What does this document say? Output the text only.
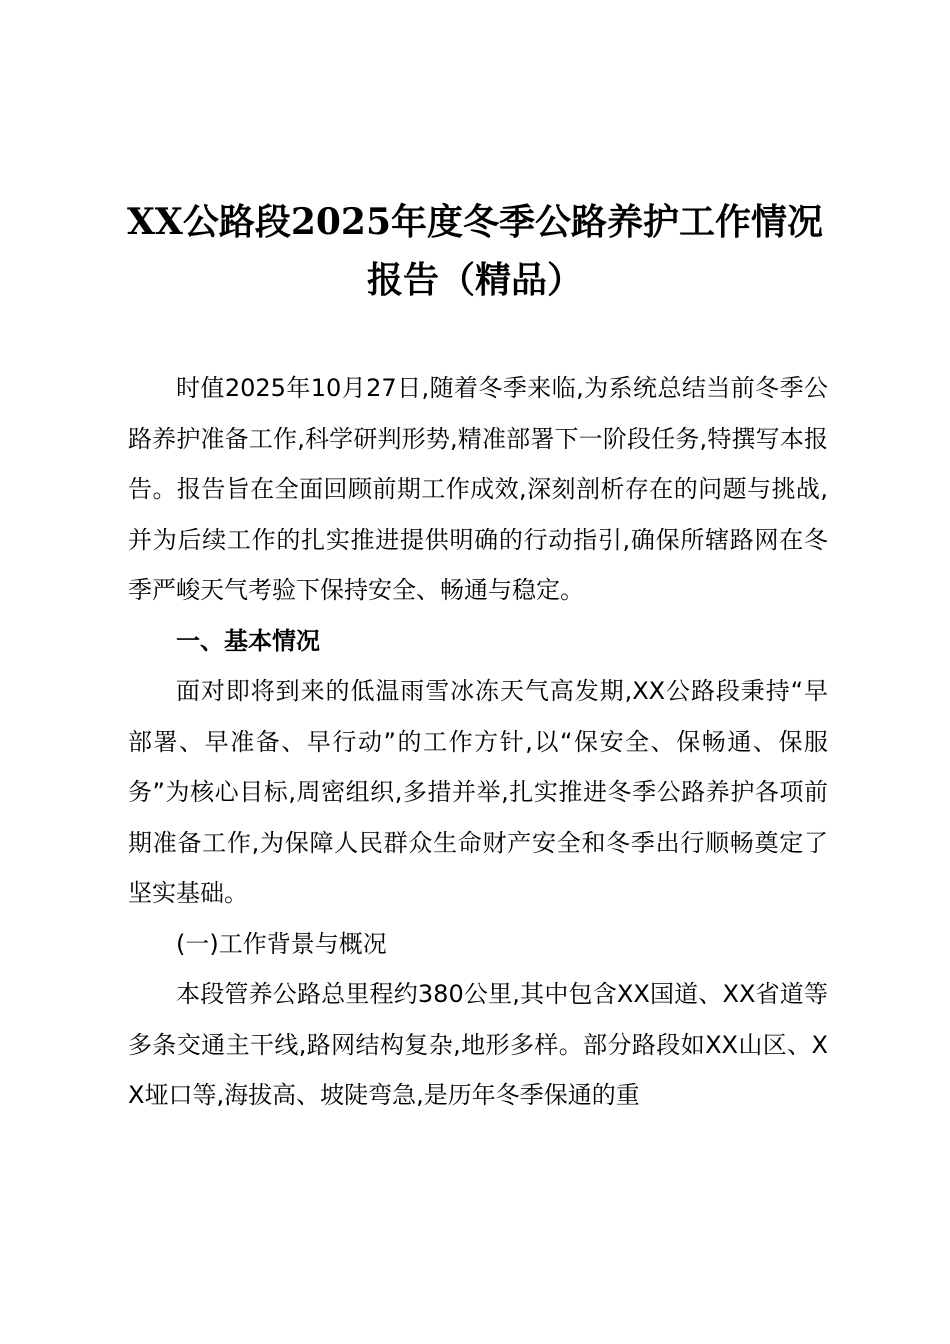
XX公路段2025年度冬季公路养护工作情况报告（精品）

时值2025年10月27日,随着冬季来临,为系统总结当前冬季公路养护准备工作,科学研判形势,精准部署下一阶段任务,特撰写本报告。报告旨在全面回顾前期工作成效,深刻剖析存在的问题与挑战,并为后续工作的扎实推进提供明确的行动指引,确保所辖路网在冬季严峻天气考验下保持安全、畅通与稳定。

一、基本情况

面对即将到来的低温雨雪冰冻天气高发期,XX公路段秉持“早部署、早准备、早行动”的工作方针,以“保安全、保畅通、保服务”为核心目标,周密组织,多措并举,扎实推进冬季公路养护各项前期准备工作,为保障人民群众生命财产安全和冬季出行顺畅奠定了坚实基础。

(一)工作背景与概况

本段管养公路总里程约380公里,其中包含XX国道、XX省道等多条交通主干线,路网结构复杂,地形多样。部分路段如XX山区、XX垭口等,海拔高、坡陡弯急,是历年冬季保通的重
